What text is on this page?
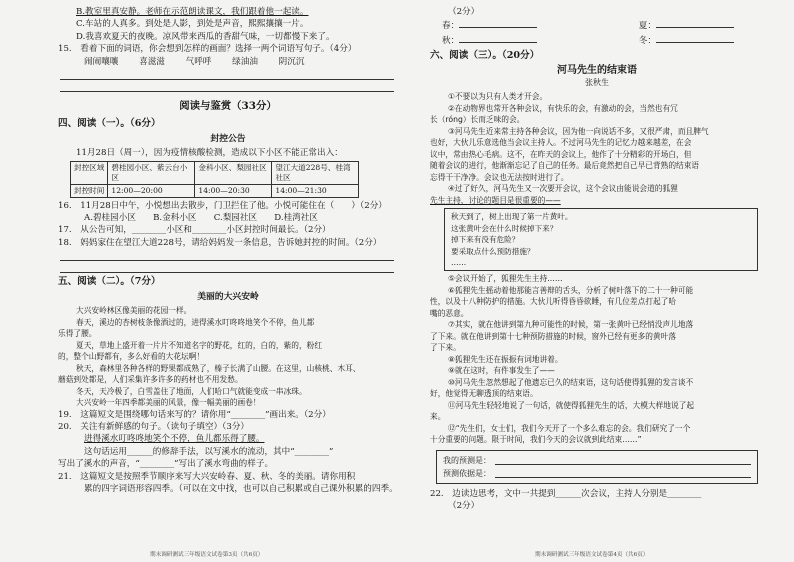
B.教室里真安静。老师在示范朗读课文，我们跟着他一起读。
C.车站的人真多。到处是人影，到处是声音，熙熙攘攘一片。
D.我喜欢夏天的夜晚。凉风带来西瓜的香甜气味，一切都慢下来了。
15.　看着下面的词语，你会想到怎样的画面？选择一两个词语写句子。（4分）
闹闹嚷嚷 喜滋滋 气呼呼 绿油油 阴沉沉
阅读与鉴赏（33分）
四、阅读（一）。（6分）
封控公告
11月28日（周一），因为疫情核酸检测，造成以下小区不能正常出入：
封控区域	碧桂园小区、紫云台小区	金科小区、梨园社区	望江大道228号、桂湾社区
封控时间	12:00—20:00	14:00—20:30	14:00—21:30
16.　11月28日中午，小悦想出去散步，门卫拦住了他。小悦可能住在（　　）（2分）
A.碧桂园小区　　B.金科小区　　C.梨园社区　　D.桂湾社区
17.　从公告可知，________小区和________小区封控时间最长。（2分）
18.　妈妈家住在望江大道228号，请给妈妈发一条信息，告诉她封控的时间。（2分）
五、阅读（二）。（7分）
美丽的大兴安岭
大兴安岭林区像美丽的花园一样。
春天，溪边的杏树枝条像酒过的，进得溪水叮咚咚地笑个不停，鱼儿都
乐得了腰。
夏天，草地上盛开着一片片不知道名字的野花，红的，白的，紫的，粉红
的，整个山野都有，多么好看的大花坛啊！
秋天，森林里各种各样的野果都成熟了，榛子长满了山腰。在这里，山核桃、木耳、
蘑菇到处都是，人们采集许多许多的药材也不用发愁。
冬天，天冷极了，白雪盖住了地面，人们哈口气就能变成一串冰珠。
大兴安岭一年四季都美丽的风景，像一幅美丽的画卷！
19.　这篇短文是围绕哪句话来写的？请你用“________”画出来。（2分）
20.　关注有新鲜感的句子。（读句子填空）（3分）
进得溪水叮咚咚地笑个不停，鱼儿都乐得了腰。
这句话运用______的修辞手法，以写溪水的流动，其中“________”
写出了溪水的声音，“________”写出了溪水弯曲的样子。
21.　这篇短文是按照季节顺序来写大兴安岭春、夏、秋、冬的美丽。请你用积
累的四字词语形容四季。（可以在文中找，也可以自己积累或自己课外积累的四季。
期末调研测试三年级语文试卷第3页（共6页）
（2分）
春：	夏：
秋：	冬：
六、阅读（三）。（20分）
河马先生的结束语
张秋生
①不要以为只有人类才开会。
②在动物界也常开各种会议，有快乐的会，有激动的会，当然也有冗
长（róng）长而乏味的会。
③河马先生近来常主持各种会议，因为他一向说话不多，又很严肃，而且脾气
也好，大伙儿乐意选他当会议主持人。不过河马先生的记忆力越来越差，在会
议中，常由热心毛病。这不，在昨天的会议上，他作了十分精彩的开场白，但
随着会议的进行，他渐渐忘记了自己的任务。最后竟然把自己早已背熟的结束语
忘得干干净净。会议也无法按时进行了。
④过了好久，河马先生又一次要开会议，这个会议由能说会道的狐狸
先生主持，讨论的题目是很重要的——
秋天到了，树上出现了第一片黄叶。
这张黄叶会在什么时候掉下来？
掉下来有没有危险？
要采取点什么预防措施？
……
⑤会议开始了，狐狸先生主持……
⑥狐狸先生摇动着他那能言善辩的舌头，分析了树叶落下的二十一种可能
性，以及十八种防护的措施。大伙儿听得昏昏欲睡，有几位差点打起了哈
嘴的恶意。
⑦其实，就在他讲到第九种可能性的时候，第一张黄叶已经悄没声儿地落
了下来。就在他讲到第十七种预防措施的时候，窗外已经有更多的黄叶落
了下来。
⑧狐狸先生还在振振有词地讲着。
⑨就在这时，有件事发生了——
⑩河马先生忽然想起了他遗忘已久的结束语，这句话使得狐狸的发言谈不
好，他觉得无聊透顶的结束语。
⑪河马先生轻轻地说了一句话，就使得狐狸先生的话，大模大样地说了起
来。
⑫“先生们，女士们，我们今天开了一个多么难忘的会。我们研究了一个
十分重要的问题。限于时间，我们今天的会议就到此结束……”
我的预测是：
预测依据是：
22.　边读边思考，文中一共提到______次会议，主持人分别是________
（2分）
期末调研测试三年级语文试卷第4页（共6页）
